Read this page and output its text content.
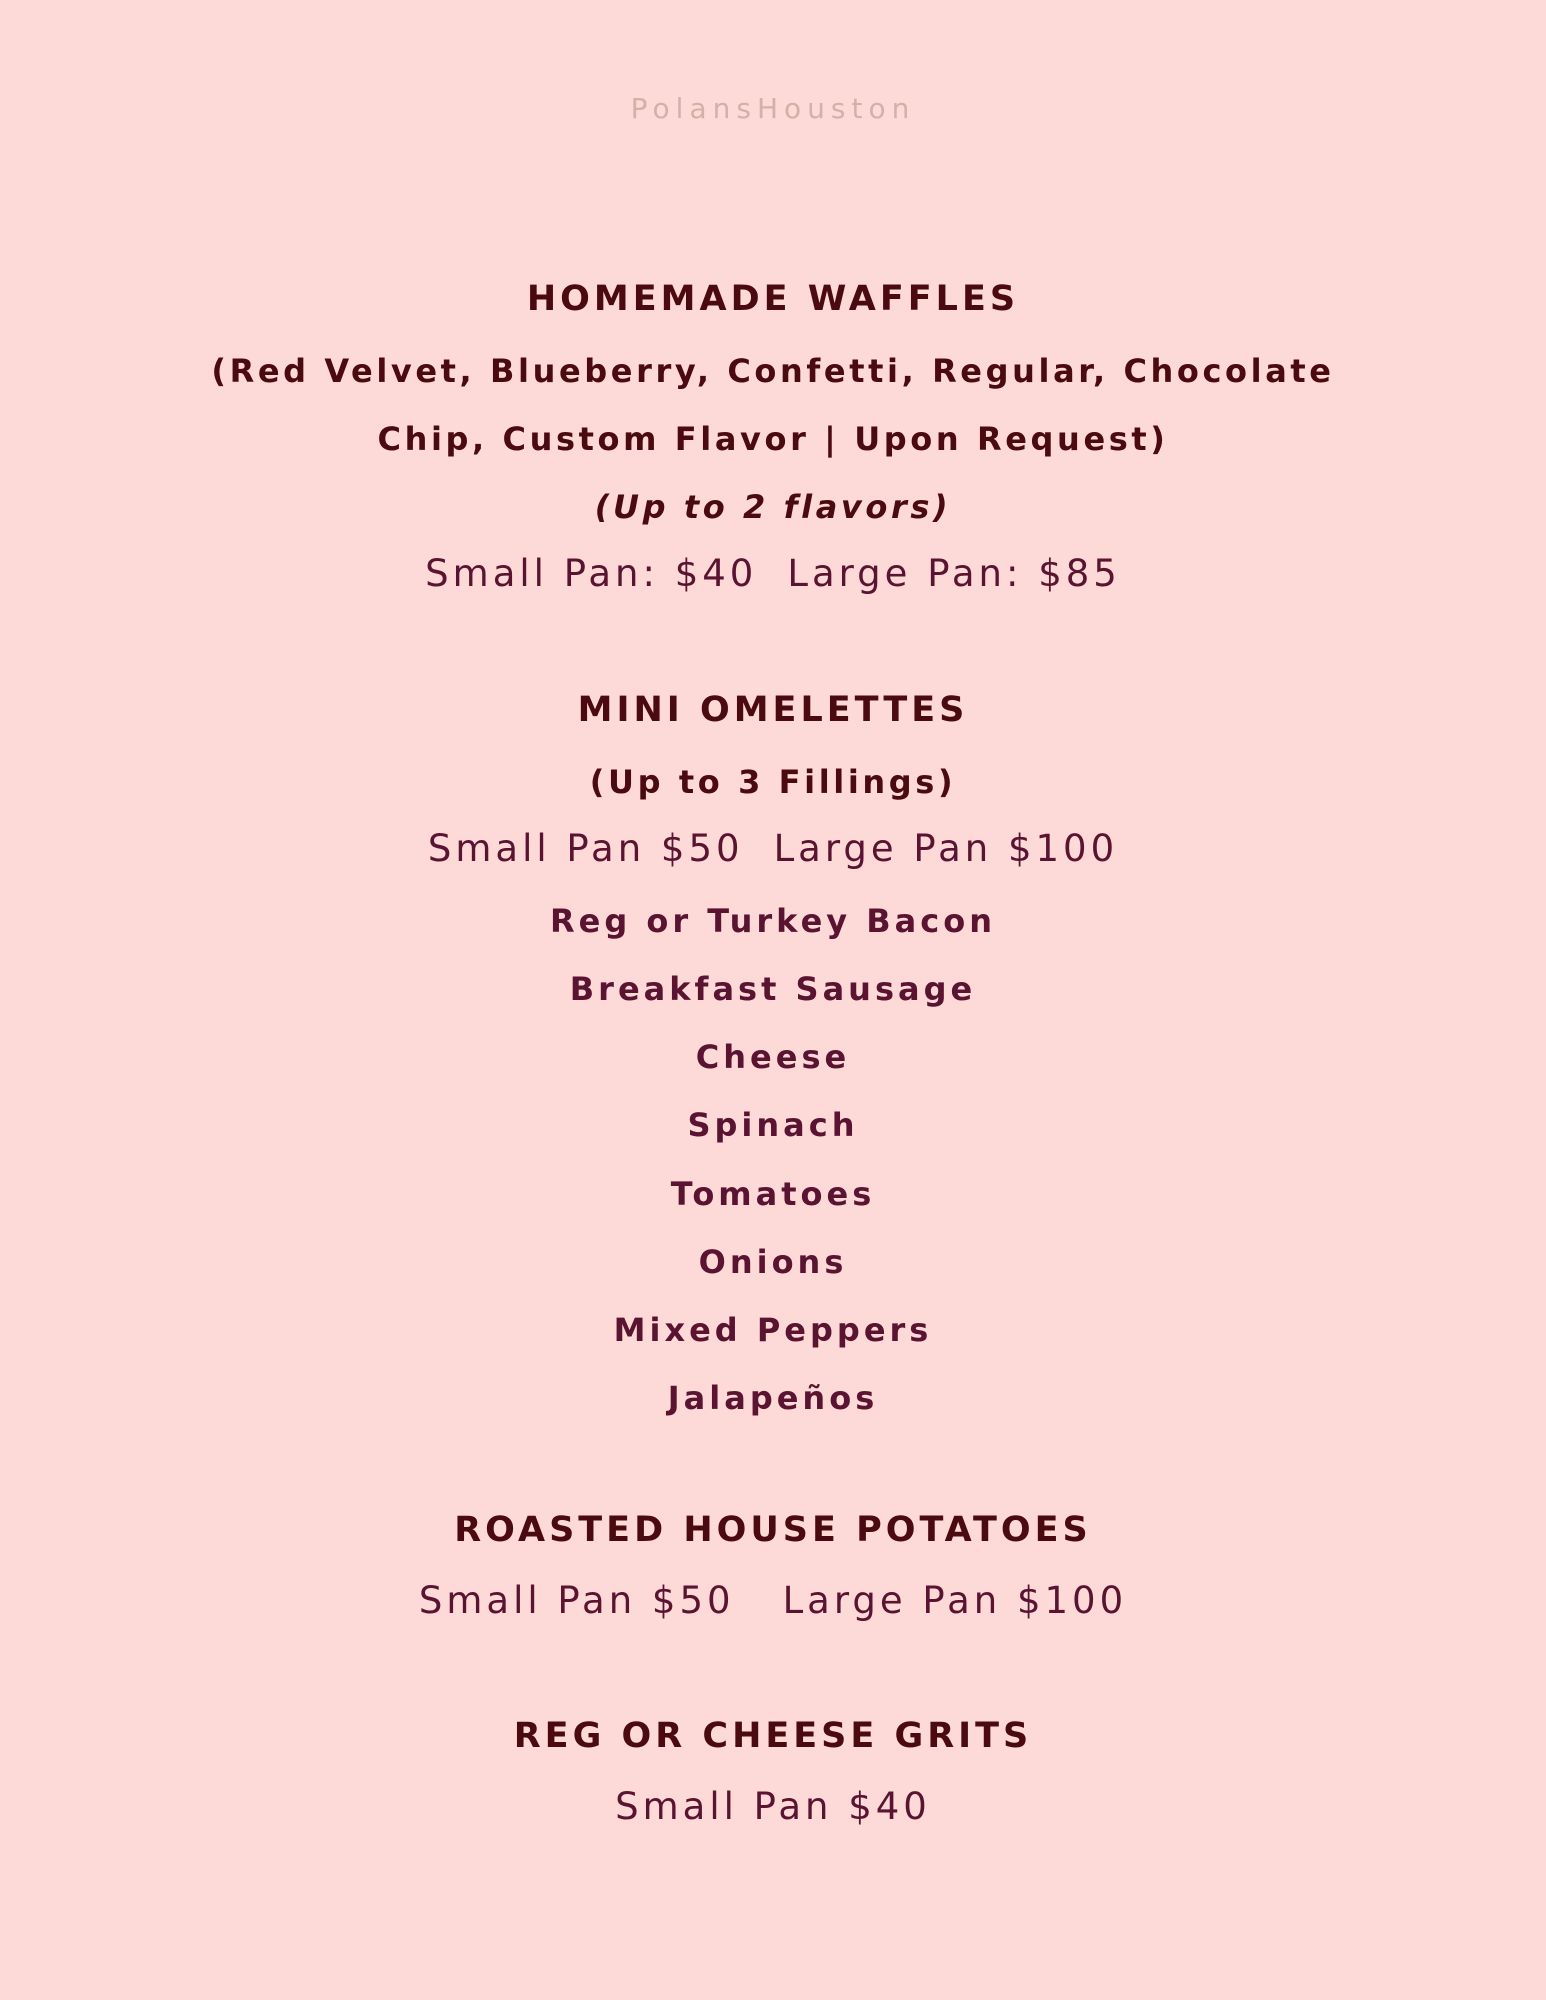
PolansHouston
HOMEMADE WAFFLES
(Red Velvet, Blueberry, Confetti, Regular, Chocolate
Chip, Custom Flavor | Upon Request)
(Up to 2 flavors)
Small Pan: $40 Large Pan: $85
MINI OMELETTES
(Up to 3 Fillings)
Small Pan $50 Large Pan $100
Reg or Turkey Bacon
Breakfast Sausage
Cheese
Spinach
Tomatoes
Onions
Mixed Peppers
Jalapeños
ROASTED HOUSE POTATOES
Small Pan $50 Large Pan $100
REG OR CHEESE GRITS
Small Pan $40
